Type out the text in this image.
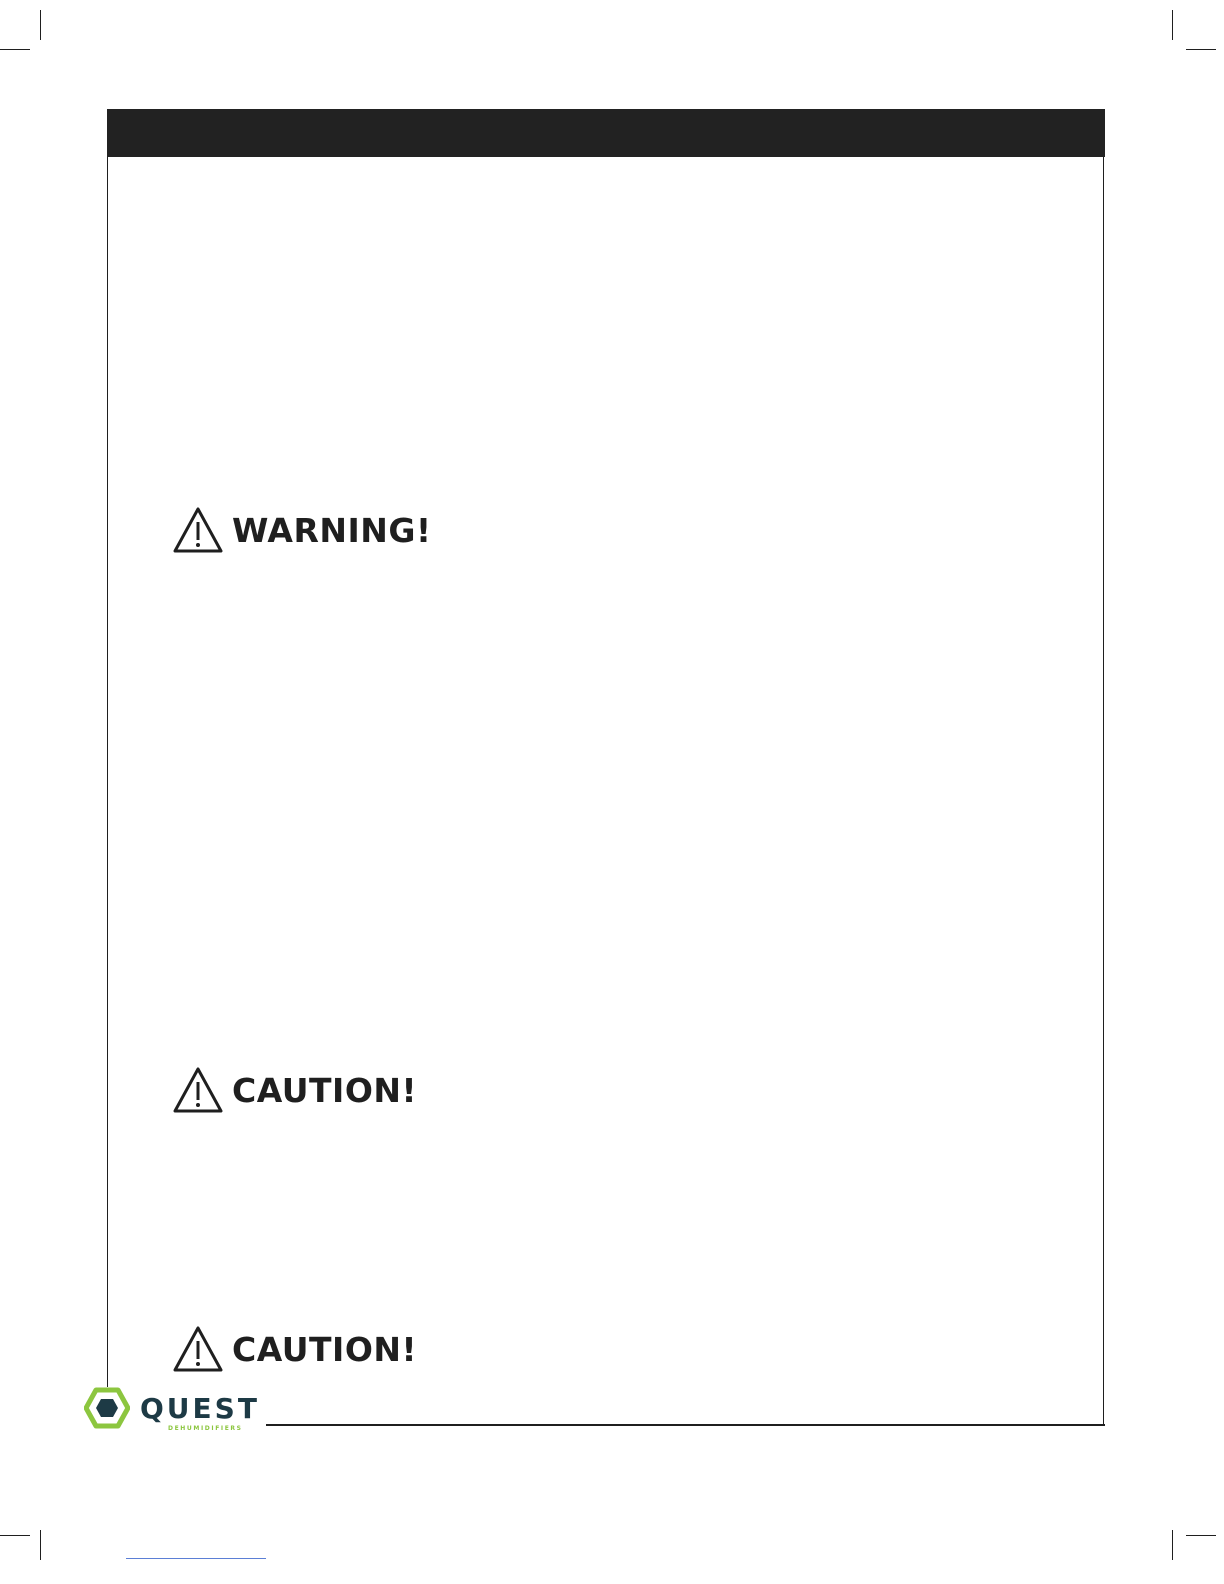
WARNING!
CAUTION!
CAUTION!
QUEST
DEHUMIDIFIERS
